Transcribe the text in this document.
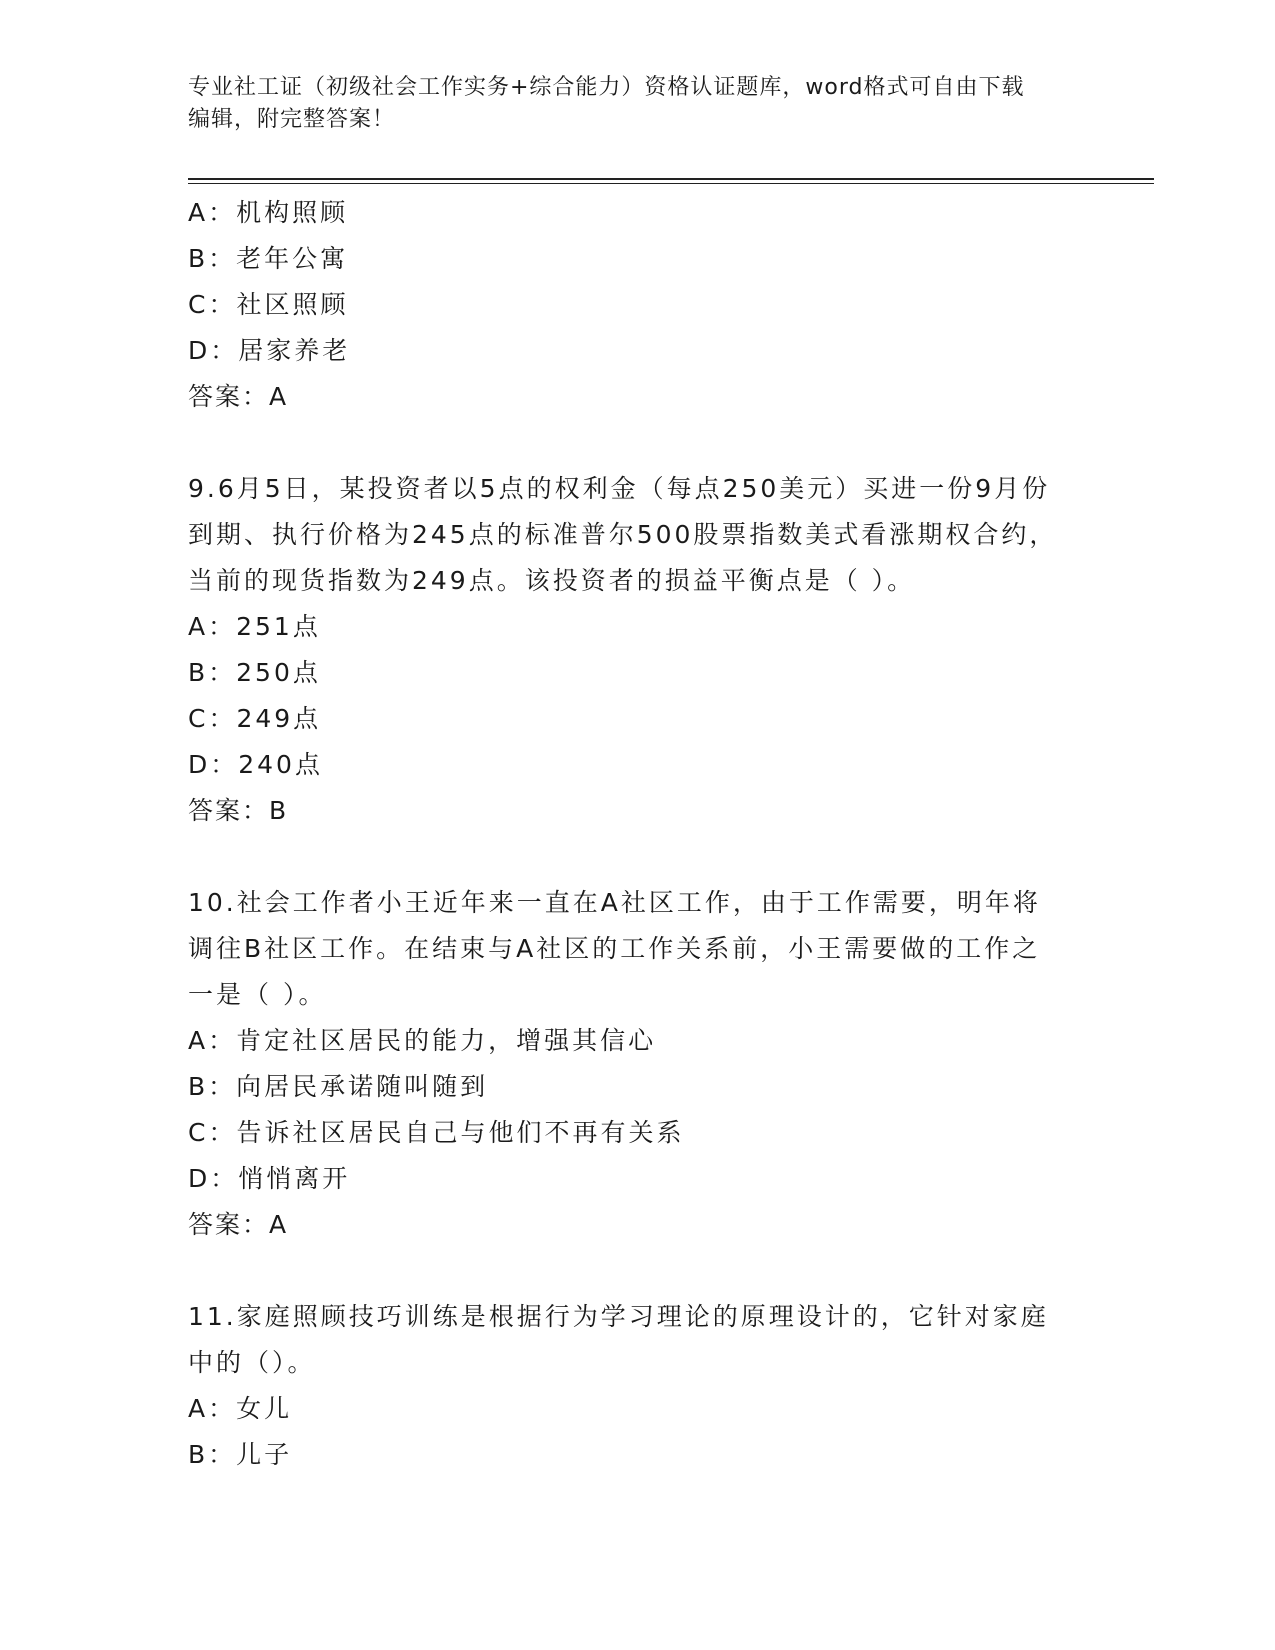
专业社工证（初级社会工作实务+综合能力）资格认证题库，word格式可自由下载
编辑，附完整答案！
A：机构照顾
B：老年公寓
C：社区照顾
D：居家养老
答案：A
9.6月5日，某投资者以5点的权利金（每点250美元）买进一份9月份到期、执行价格为245点的标准普尔500股票指数美式看涨期权合约，当前的现货指数为249点。该投资者的损益平衡点是（ ）。
A：251点
B：250点
C：249点
D：240点
答案：B
10.社会工作者小王近年来一直在A社区工作，由于工作需要，明年将调往B社区工作。在结束与A社区的工作关系前，小王需要做的工作之一是（ ）。
A：肯定社区居民的能力，增强其信心
B：向居民承诺随叫随到
C：告诉社区居民自己与他们不再有关系
D：悄悄离开
答案：A
11.家庭照顾技巧训练是根据行为学习理论的原理设计的，它针对家庭中的（）。
A：女儿
B：儿子
